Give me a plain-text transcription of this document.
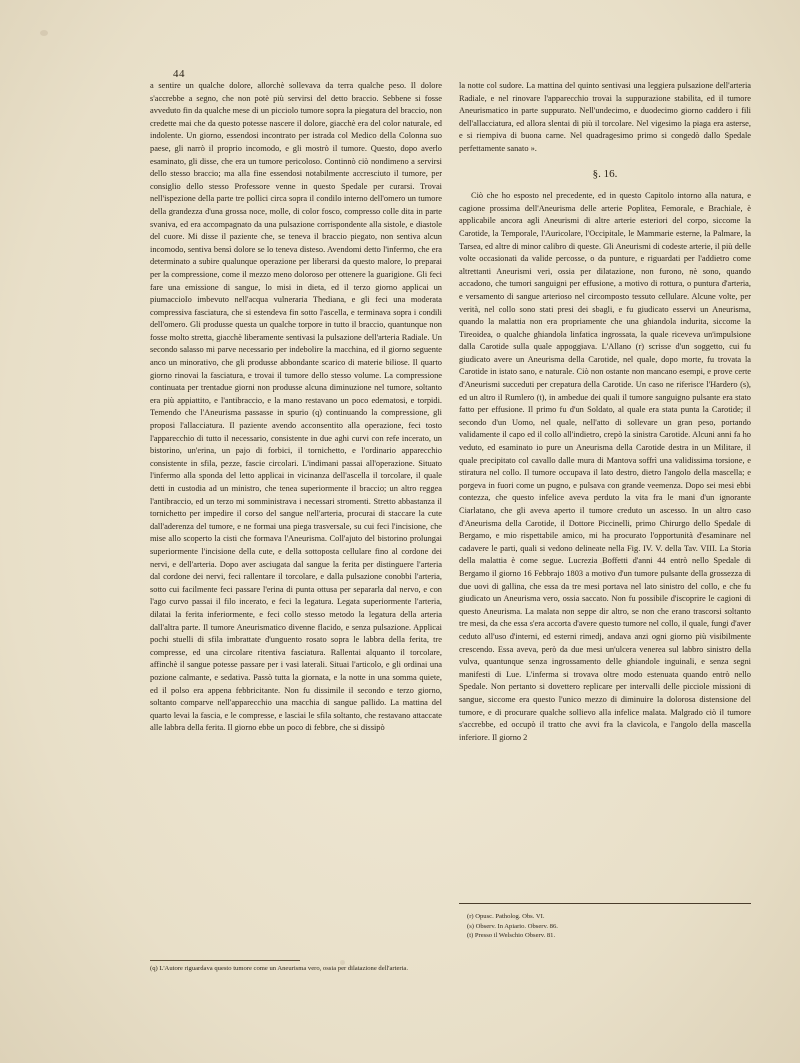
44

a sentire un qualche dolore, allorchè sollevava da terra qualche peso. Il dolore s'accrebbe a segno, che non potè più servirsi del detto braccio. Sebbene si fosse avveduto fin da qualche mese di un picciolo tumore sopra la piegatura del braccio, non credette mai che da questo potesse nascere il dolore, giacchè era del color naturale, ed indolente. Un giorno, essendosi incontrato per istrada col Medico della Colonna suo paese, gli narrò il proprio incomodo, e gli mostrò il tumore. Questo, dopo averlo esaminato, gli disse, che era un tumore pericoloso. Continnò ciò nondimeno a servirsi dello stesso braccio; ma alla fine essendosi notabilmente accresciuto il tumore, per consiglio dello stesso Professore venne in questo Spedale per curarsi. Trovai nell'ispezione della parte tre pollici circa sopra il condilo interno dell'omero un tumore della grandezza d'una grossa noce, molle, di color fosco, compresso colle dita in parte svaniva, ed era accompagnato da una pulsazione corrispondente alla sistole, e diastole del cuore. Mi disse il paziente che, se teneva il braccio piegato, non sentiva alcun incomodo, sentiva bensì dolore se lo teneva disteso. Avendomi detto l'infermo, che era determinato a subire qualunque operazione per liberarsi da questo malore, lo preparai per la compressione, come il mezzo meno doloroso per ottenere la guarigione. Gli feci fare una emissione di sangue, lo misi in dieta, ed il terzo giorno applicai un piumaccioIo imbevuto nell'acqua vulneraria Thediana, e gli feci una moderata compressiva fasciatura, che si estendeva fin sotto l'ascella, e terminava sopra i condili dell'omero. Gli produsse questa un qualche torpore in tutto il braccio, quantunque non fosse molto stretta, giacchè liberamente sentivasi la pulsazione dell'arteria Radiale. Un secondo salasso mi parve necessario per indebolire la macchina, ed il giorno seguente anco un minorativo, che gli produsse abbondante scarico di materie biliose. Il quarto giorno rinovai la fasciatura, e trovai il tumore dello stesso volume. La compressione continuata per trentadue giorni non produsse alcuna diminuzione nel tumore, soltanto era più appiattito, e l'antibraccio, e la mano restavano un poco edematosi, e torpidi. Temendo che l'Aneurisma passasse in spurio (q) continuando la compressione, gli proposi l'allacciatura. Il paziente avendo acconsentito alla operazione, feci tosto l'apparecchio di tutto il necessario, consistente in due aghi curvi con refe incerato, un bistorino, un'erina, un pajo di forbici, il tornichetto, e l'ordinario apparecchio consistente in sfila, pezze, fascie circolari. L'indimani passai all'operazione. Situato l'infermo alla sponda del letto applicai in vicinanza dell'ascella il torcolare, il quale detti in custodia ad un ministro, che tenea superiormente il braccio; un altro reggea l'antibraccio, ed un terzo mi somministrava i necessari stromenti. Stretto abbastanza il tornichetto per impedire il corso del sangue nell'arteria, procurai di staccare la cute dall'aderenza del tumore, e ne formai una piega trasversale, su cui feci l'incisione, che mise allo scoperto la cisti che formava l'Aneurisma. Coll'ajuto del bistorino prolungai superiormente l'incisione della cute, e della sottoposta cellulare fino al cordone dei nervi, e dell'arteria. Dopo aver asciugata dal sangue la ferita per distinguere l'arteria dal cordone dei nervi, feci rallentare il torcolare, e dalla pulsazione conobbi l'arteria, sotto cui facilmente feci passare l'erina di punta ottusa per separarla dal nervo, e con l'ago curvo passai il filo incerato, e feci la legatura. Legata superiormente l'arteria, dilatai la ferita inferiormente, e feci collo stesso metodo la legatura della arteria dall'altra parte. Il tumore Aneurismatico divenne flacido, e senza pulsazione. Applicai pochi stuelli di sfila imbrattate d'unguento rosato sopra le labbra della ferita, tre compresse, ed una circolare ritentiva fasciatura. Rallentai alquanto il torcolare, affinchè il sangue potesse passare per i vasi laterali. Situai l'articolo, e gli ordinai una pozione calmante, e sedativa. Passò tutta la giornata, e la notte in una somma quiete, ed il polso era appena febbricitante. Non fu dissimile il secondo e terzo giorno, soltanto comparve nell'apparecchio una macchia di sangue pallido. La mattina del quarto levai la fascia, e le compresse, e lasciai le sfila soltanto, che restavano attaccate alle labbra della ferita. Il giorno ebbe un poco di febbre, che si dissipò

la notte col sudore. La mattina del quinto sentivasi una leggiera pulsazione dell'arteria Radiale, e nel rinovare l'apparecchio trovai la suppurazione stabilita, ed il tumore Aneurismatico in parte suppurato. Nell'undecimo, e duodecimo giorno caddero i fili dell'allacciatura, ed allora slentai di più il torcolare. Nel vigesimo la piaga era asterse, e si riempiva di buona carne. Nel quadragesimo primo si congedò dallo Spedale perfettamente sanato ».

§. 16.

Ciò che ho esposto nel precedente, ed in questo Capitolo intorno alla natura, e cagione prossima dell'Aneurisma delle arterie Poplitea, Femorale, e Brachiale, è applicabile ancora agli Aneurismi di altre arterie esteriori del corpo, siccome la Carotide, la Temporale, l'Auricolare, l'Occipitale, le Mammarie esterne, la Palmare, la Tarsea, ed altre di minor calibro di queste. Gli Aneurismi di codeste arterie, il più delle volte occasionati da valide percosse, o da punture, e riguardati per l'addietro come altrettanti Aneurismi veri, ossia per dilatazione, non furono, nè sono, quando accadono, che tumori sanguigni per effusione, a motivo di rottura, o puntura d'arteria, e versamento di sangue arterioso nel circomposto tessuto cellulare. Alcune volte, per verità, nel collo sono stati presi dei sbagli, e fu giudicato esservi un Aneurisma, quando la malattia non era propriamente che una ghiandola indurita, siccome la Tireoidea, o qualche ghiandola linfatica ingrossata, la quale riceveva un'impulsione dalla Carotide sulla quale appoggiava. L'Allano (r) scrisse d'un soggetto, cui fu giudicato avere un Aneurisma della Carotide, nel quale, dopo morte, fu trovata la Carotide in istato sano, e naturale. Ciò non ostante non mancano esempi, e prove certe d'Aneurismi succeduti per crepatura della Carotide. Un caso ne riferisce l'Hardero (s), ed un altro il Rumlero (t), in ambedue dei quali il tumore sanguigno pulsante era stato fatto per effusione. Il primo fu d'un Soldato, al quale era stata punta la Carotide; il secondo d'un Uomo, nel quale, nell'atto di sollevare un gran peso, portando validamente il capo ed il collo all'indietro, crepò la sinistra Carotide. Alcuni anni fa ho veduto, ed esaminato io pure un Aneurisma della Carotide destra in un Militare, il quale precipitato col cavallo dalle mura di Mantova soffrì una validissima torsione, e stiratura nel collo. Il tumore occupava il lato destro, dietro l'angolo della mascella; e porgeva in fuori come un pugno, e pulsava con grande veemenza. Dopo sei mesi ebbi contezza, che questo infelice aveva perduto la vita fra le mani d'un ignorante Ciarlatano, che gli aveva aperto il tumore creduto un ascesso. In un altro caso d'Aneurisma della Carotide, il Dottore Piccinelli, primo Chirurgo dello Spedale di Bergamo, e mio rispettabile amico, mi ha procurato l'opportunità d'esaminare nel cadavere le parti, quali si vedono delineate nella Fig. IV. V. della Tav. VIII. La Storia della malattia è come segue. Lucrezia Boffetti d'anni 44 entrò nello Spedale di Bergamo il giorno 16 Febbrajo 1803 a motivo d'un tumore pulsante della grossezza di due uovi di gallina, che essa da tre mesi portava nel lato sinistro del collo, e che fu giudicato un Aneurisma vero, ossia saccato. Non fu possibile d'iscoprire le cagioni di questo Aneurisma. La malata non seppe dir altro, se non che erano trascorsi soltanto tre mesi, da che essa s'era accorta d'avere questo tumore nel collo, il quale, fungi d'aver ceduto all'uso d'interni, ed esterni rimedj, andava anzi ogni giorno più visibilmente crescendo. Essa aveva, però da due mesi un'ulcera venerea sul labbro sinistro della vulva, quantunque senza ingrossamento delle ghiandole inguinali, e senza segni manifesti di Lue. L'inferma si trovava oltre modo estenuata quando entrò nello Spedale. Non pertanto si dovettero replicare per intervalli delle picciole missioni di sangue, siccome era questo l'unico mezzo di diminuire la dolorosa distensione del tumore, e di procurare qualche sollievo alla infelice malata. Malgrado ciò il tumore s'accrebbe, ed occupò il tratto che avvi fra la clavicola, e l'angolo della mascella inferiore. Il giorno 2

(q) L'Autore riguardava questo tumore come un Aneurisma vero, ossia per dilatazione dell'arteria.

(r) Opusc. Patholog. Obs. VI.

(s) Observ. In Apiario. Observ. 86.

(t) Presso il Welschio Observ. 81.
